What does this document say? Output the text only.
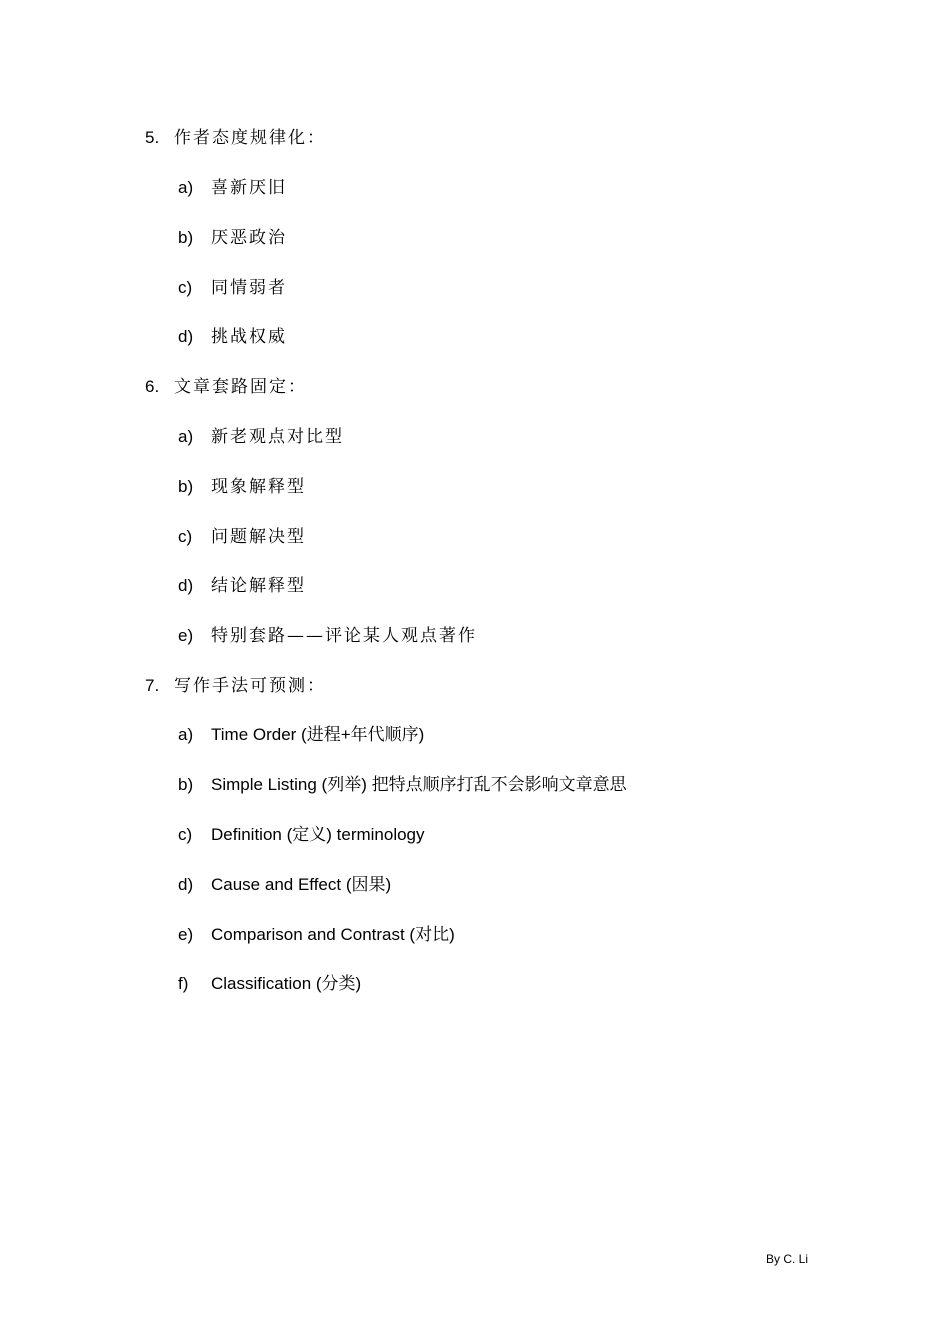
5. 作者态度规律化：
a) 喜新厌旧
b) 厌恶政治
c) 同情弱者
d) 挑战权威
6. 文章套路固定：
a) 新老观点对比型
b) 现象解释型
c) 问题解决型
d) 结论解释型
e) 特别套路——评论某人观点著作
7. 写作手法可预测：
a) Time Order (进程+年代顺序)
b) Simple Listing (列举) 把特点顺序打乱不会影响文章意思
c) Definition (定义) terminology
d) Cause and Effect (因果)
e) Comparison and Contrast (对比)
f) Classification (分类)
By C. Li
